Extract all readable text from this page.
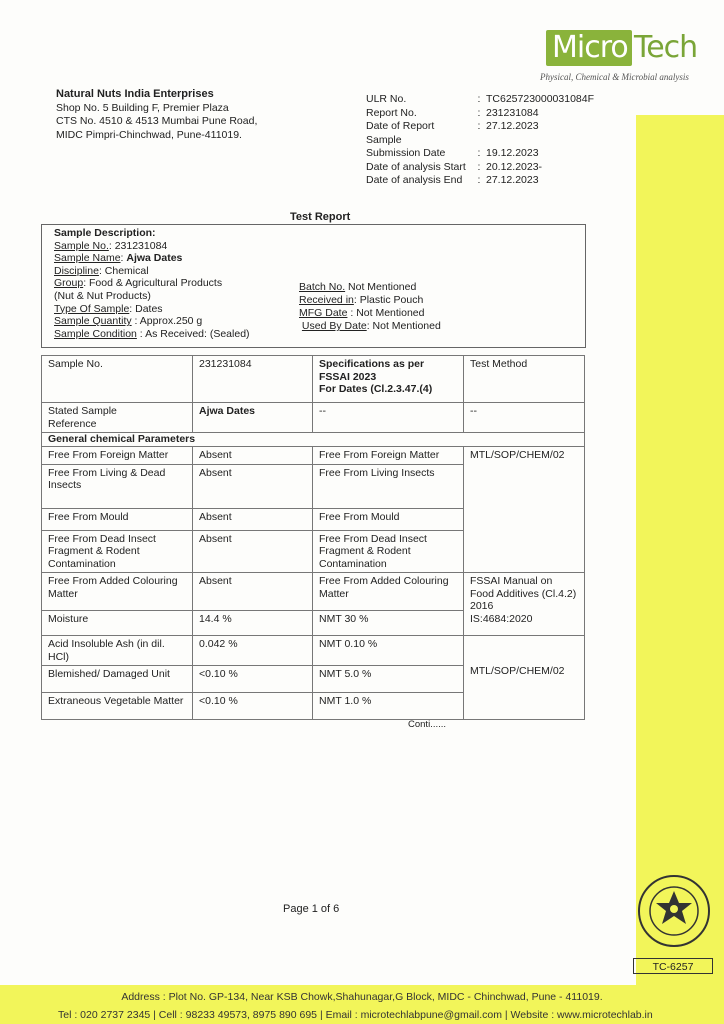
Micro Tech
Physical, Chemical & Microbial analysis
Natural Nuts India Enterprises
Shop No. 5 Building F, Premier Plaza
CTS No. 4510 & 4513 Mumbai Pune Road,
MIDC Pimpri-Chinchwad, Pune-411019.
ULR No.	: TC625723000031084F
Report No.	: 231231084
Date of Report	: 27.12.2023
Sample
Submission Date	: 19.12.2023
Date of analysis Start	: 20.12.2023-
Date of analysis End	: 27.12.2023
Test Report
Sample Description:
Sample No.: 231231084
Sample Name: Ajwa Dates
Discipline: Chemical
Group: Food & Agricultural Products
(Nut & Nut Products)
Type Of Sample: Dates
Sample Quantity : Approx.250 g
Sample Condition : As Received: (Sealed)
Batch No. Not Mentioned
Received in: Plastic Pouch
MFG Date : Not Mentioned
Used By Date: Not Mentioned
Sample No.	231231084	Specifications as per
FSSAI 2023
For Dates (Cl.2.3.47.(4)	Test Method

Stated Sample
Reference	Ajwa Dates	--	--
General chemical Parameters			
Free From Foreign Matter	Absent	Free From Foreign Matter	MTL/SOP/CHEM/02
Free From Living & Dead Insects	Absent	Free From Living Insects	
Free From Mould	Absent	Free From Mould	
Free From Dead Insect Fragment & Rodent Contamination	Absent	Free From Dead Insect Fragment & Rodent Contamination	
Free From Added Colouring Matter	Absent	Free From Added Colouring Matter	FSSAI Manual on Food Additives (Cl.4.2) 2016
IS:4684:2020

Moisture	14.4 %	NMT 30 %	
Acid Insoluble Ash (in dil. HCl)	0.042 %	NMT 0.10 %	
Blemished/ Damaged Unit	<0.10 %	NMT 5.0 %	
Extraneous Vegetable Matter	<0.10 %	NMT 1.0 %	
MTL/SOP/CHEM/02
Conti......
Page 1 of 6
TC-6257
Address : Plot No. GP-134, Near KSB Chowk,Shahunagar,G Block, MIDC - Chinchwad, Pune - 411019.
Tel : 020 2737 2345 | Cell : 98233 49573, 8975 890 695 | Email : microtechlabpune@gmail.com | Website : www.microtechlab.in
